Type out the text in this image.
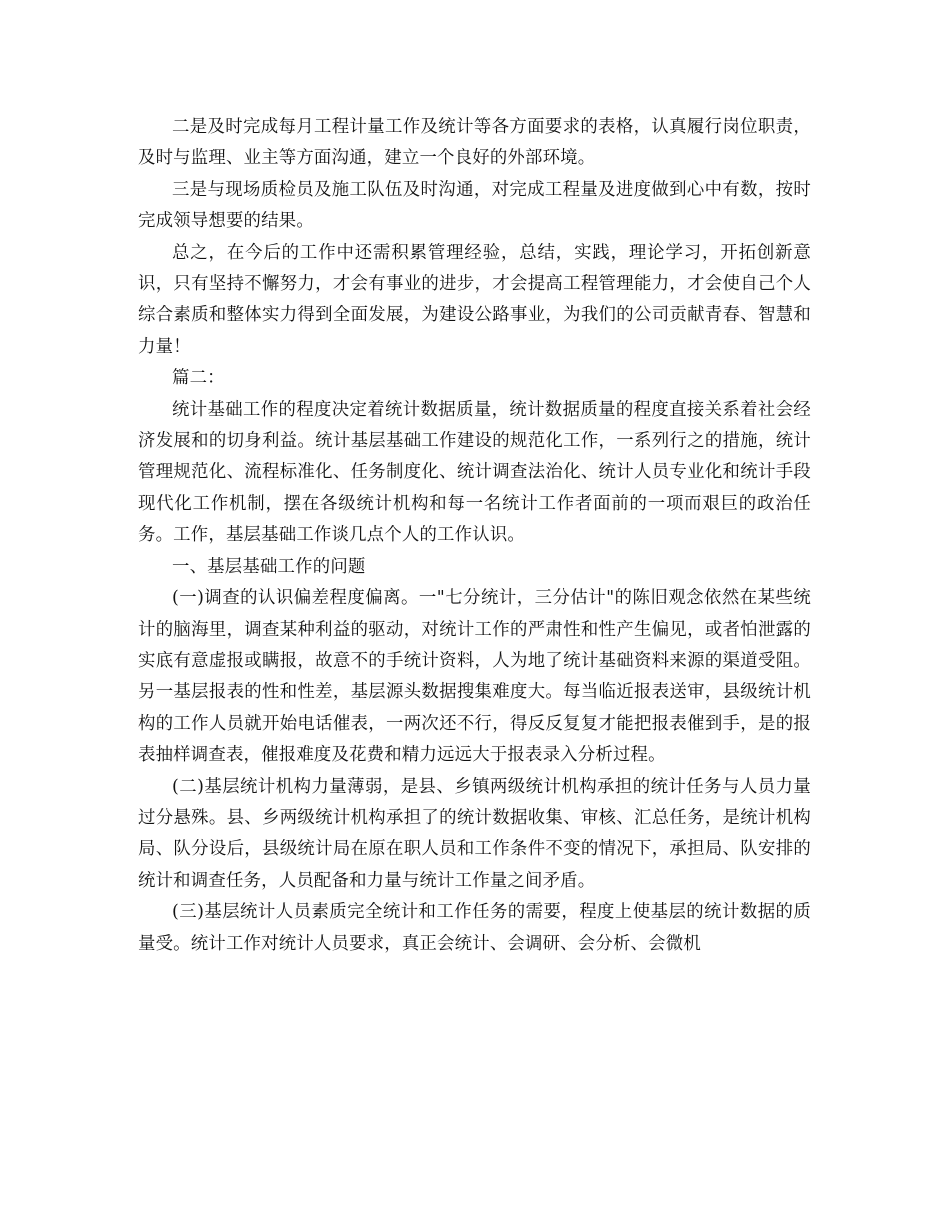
二是及时完成每月工程计量工作及统计等各方面要求的表格，认真履行岗位职责，及时与监理、业主等方面沟通，建立一个良好的外部环境。

三是与现场质检员及施工队伍及时沟通，对完成工程量及进度做到心中有数，按时完成领导想要的结果。

总之，在今后的工作中还需积累管理经验，总结，实践，理论学习，开拓创新意识，只有坚持不懈努力，才会有事业的进步，才会提高工程管理能力，才会使自己个人综合素质和整体实力得到全面发展，为建设公路事业，为我们的公司贡献青春、智慧和力量！

篇二：

统计基础工作的程度决定着统计数据质量，统计数据质量的程度直接关系着社会经济发展和的切身利益。统计基层基础工作建设的规范化工作，一系列行之的措施，统计管理规范化、流程标准化、任务制度化、统计调查法治化、统计人员专业化和统计手段现代化工作机制，摆在各级统计机构和每一名统计工作者面前的一项而艰巨的政治任务。工作，基层基础工作谈几点个人的工作认识。

一、基层基础工作的问题

(一)调查的认识偏差程度偏离。一"七分统计，三分估计"的陈旧观念依然在某些统计的脑海里，调查某种利益的驱动，对统计工作的严肃性和性产生偏见，或者怕泄露的实底有意虚报或瞒报，故意不的手统计资料，人为地了统计基础资料来源的渠道受阻。另一基层报表的性和性差，基层源头数据搜集难度大。每当临近报表送审，县级统计机构的工作人员就开始电话催表，一两次还不行，得反反复复才能把报表催到手，是的报表抽样调查表，催报难度及花费和精力远远大于报表录入分析过程。

(二)基层统计机构力量薄弱，是县、乡镇两级统计机构承担的统计任务与人员力量过分悬殊。县、乡两级统计机构承担了的统计数据收集、审核、汇总任务，是统计机构局、队分设后，县级统计局在原在职人员和工作条件不变的情况下，承担局、队安排的统计和调查任务，人员配备和力量与统计工作量之间矛盾。

(三)基层统计人员素质完全统计和工作任务的需要，程度上使基层的统计数据的质量受。统计工作对统计人员要求，真正会统计、会调研、会分析、会微机
